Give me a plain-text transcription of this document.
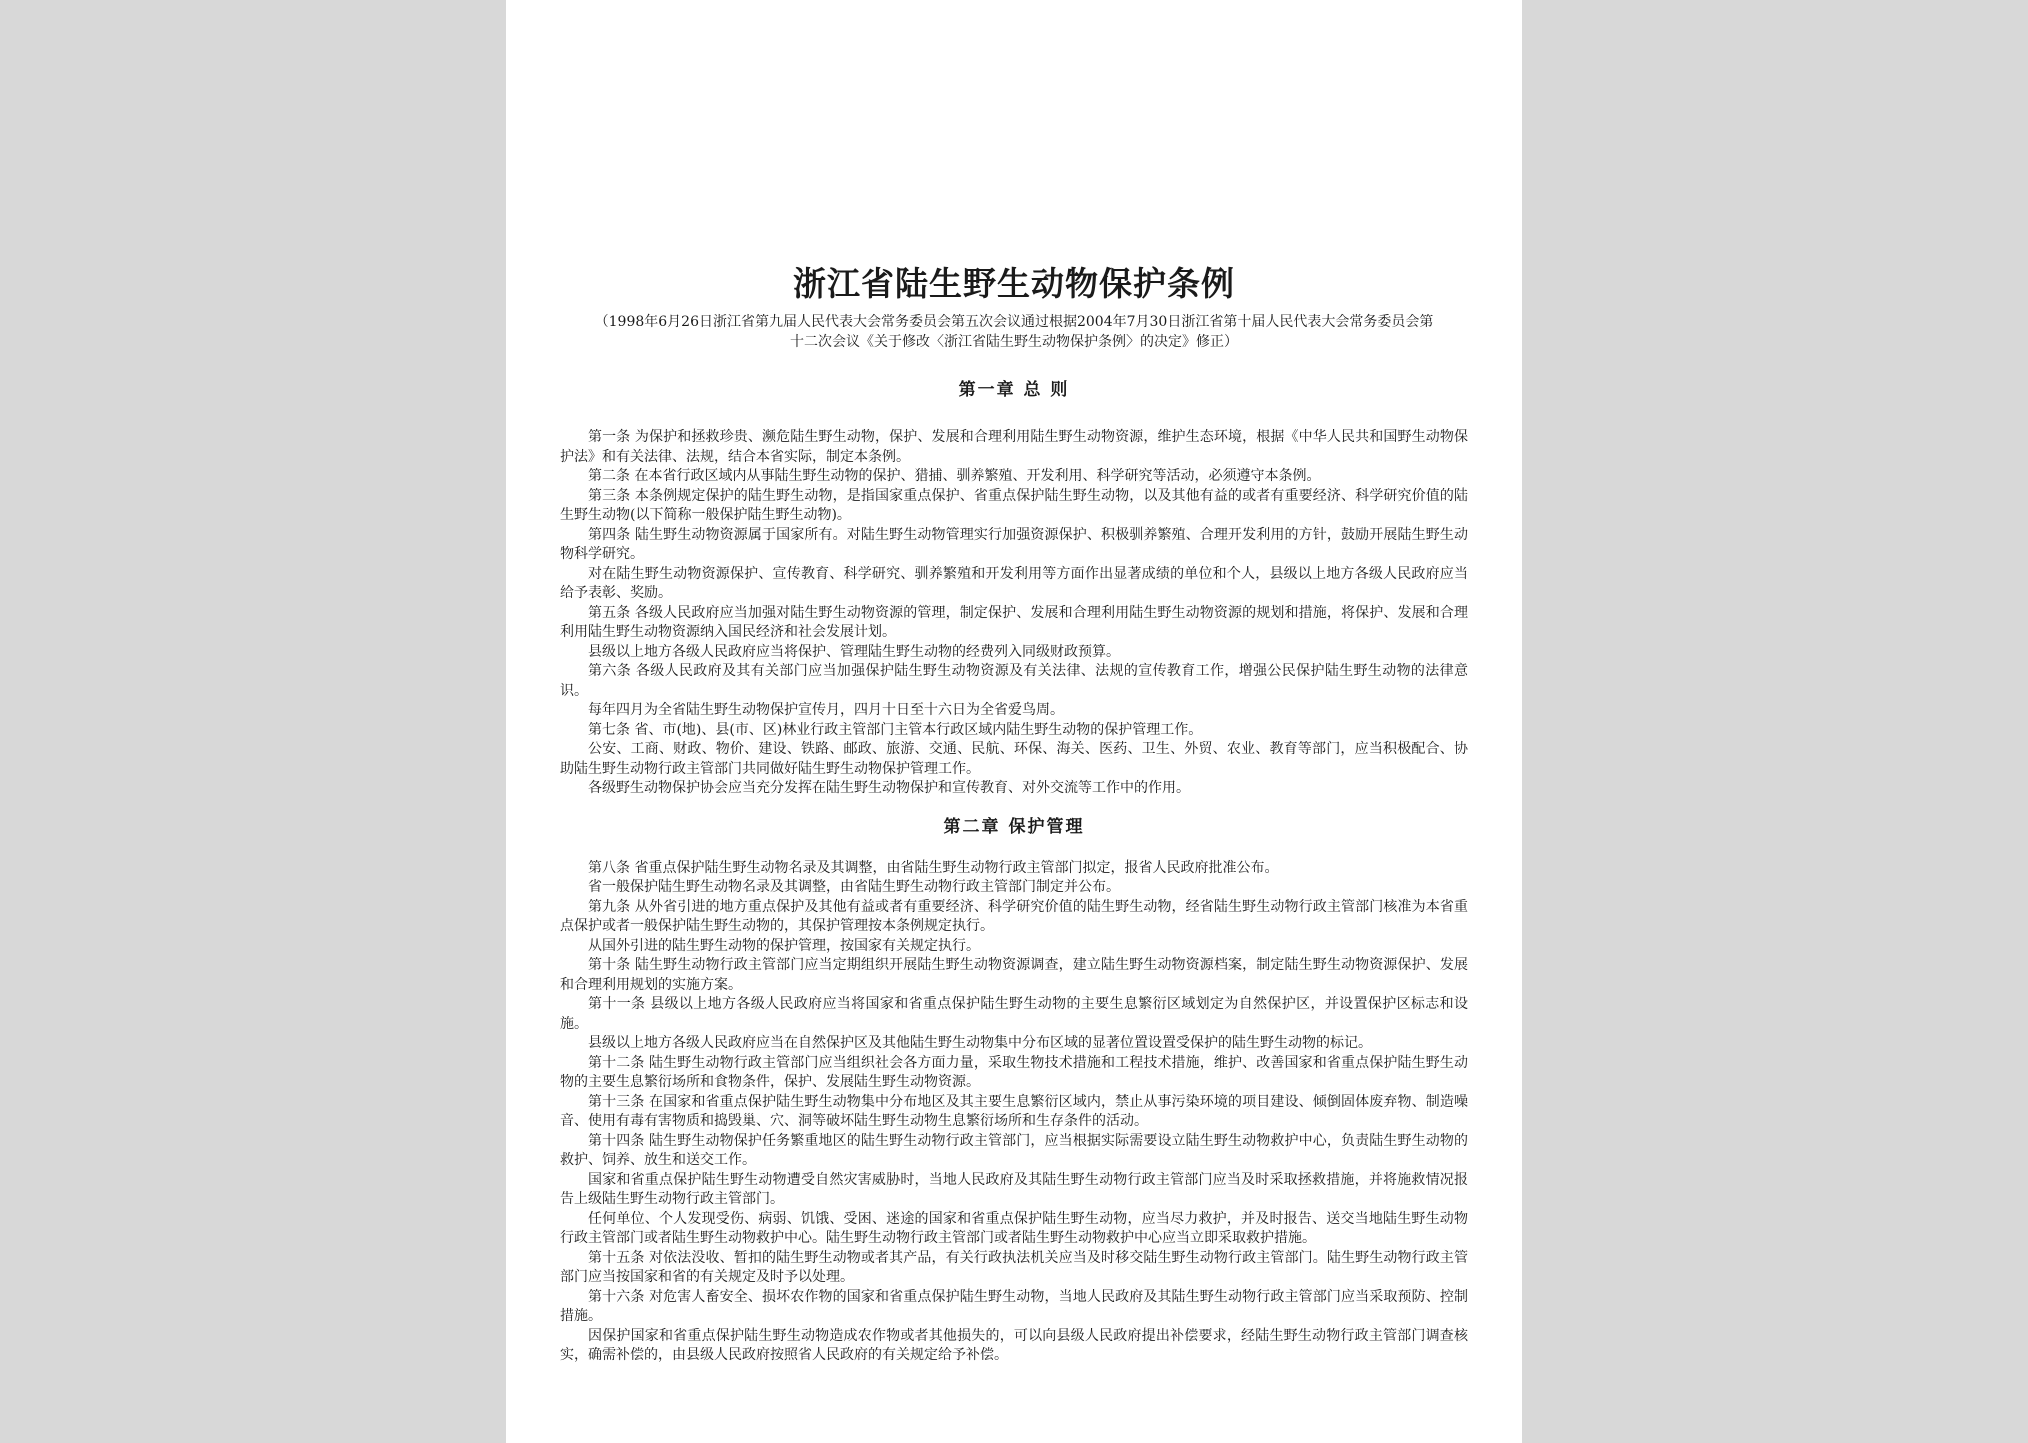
浙江省陆生野生动物保护条例
（1998年6月26日浙江省第九届人民代表大会常务委员会第五次会议通过根据2004年7月30日浙江省第十届人民代表大会常务委员会第十二次会议《关于修改〈浙江省陆生野生动物保护条例〉的决定》修正）
第一章 总 则

第一条 为保护和拯救珍贵、濒危陆生野生动物，保护、发展和合理利用陆生野生动物资源，维护生态环境，根据《中华人民共和国野生动物保护法》和有关法律、法规，结合本省实际，制定本条例。

第二条 在本省行政区域内从事陆生野生动物的保护、猎捕、驯养繁殖、开发利用、科学研究等活动，必须遵守本条例。

第三条 本条例规定保护的陆生野生动物，是指国家重点保护、省重点保护陆生野生动物，以及其他有益的或者有重要经济、科学研究价值的陆生野生动物(以下简称一般保护陆生野生动物)。

第四条 陆生野生动物资源属于国家所有。对陆生野生动物管理实行加强资源保护、积极驯养繁殖、合理开发利用的方针，鼓励开展陆生野生动物科学研究。

对在陆生野生动物资源保护、宣传教育、科学研究、驯养繁殖和开发利用等方面作出显著成绩的单位和个人，县级以上地方各级人民政府应当给予表彰、奖励。

第五条 各级人民政府应当加强对陆生野生动物资源的管理，制定保护、发展和合理利用陆生野生动物资源的规划和措施，将保护、发展和合理利用陆生野生动物资源纳入国民经济和社会发展计划。

县级以上地方各级人民政府应当将保护、管理陆生野生动物的经费列入同级财政预算。

第六条 各级人民政府及其有关部门应当加强保护陆生野生动物资源及有关法律、法规的宣传教育工作，增强公民保护陆生野生动物的法律意识。

每年四月为全省陆生野生动物保护宣传月，四月十日至十六日为全省爱鸟周。

第七条 省、市(地)、县(市、区)林业行政主管部门主管本行政区域内陆生野生动物的保护管理工作。

公安、工商、财政、物价、建设、铁路、邮政、旅游、交通、民航、环保、海关、医药、卫生、外贸、农业、教育等部门，应当积极配合、协助陆生野生动物行政主管部门共同做好陆生野生动物保护管理工作。

各级野生动物保护协会应当充分发挥在陆生野生动物保护和宣传教育、对外交流等工作中的作用。

第二章 保护管理

第八条 省重点保护陆生野生动物名录及其调整，由省陆生野生动物行政主管部门拟定，报省人民政府批准公布。

省一般保护陆生野生动物名录及其调整，由省陆生野生动物行政主管部门制定并公布。

第九条 从外省引进的地方重点保护及其他有益或者有重要经济、科学研究价值的陆生野生动物，经省陆生野生动物行政主管部门核准为本省重点保护或者一般保护陆生野生动物的，其保护管理按本条例规定执行。

从国外引进的陆生野生动物的保护管理，按国家有关规定执行。

第十条 陆生野生动物行政主管部门应当定期组织开展陆生野生动物资源调查，建立陆生野生动物资源档案，制定陆生野生动物资源保护、发展和合理利用规划的实施方案。

第十一条 县级以上地方各级人民政府应当将国家和省重点保护陆生野生动物的主要生息繁衍区域划定为自然保护区，并设置保护区标志和设施。

县级以上地方各级人民政府应当在自然保护区及其他陆生野生动物集中分布区域的显著位置设置受保护的陆生野生动物的标记。

第十二条 陆生野生动物行政主管部门应当组织社会各方面力量，采取生物技术措施和工程技术措施，维护、改善国家和省重点保护陆生野生动物的主要生息繁衍场所和食物条件，保护、发展陆生野生动物资源。

第十三条 在国家和省重点保护陆生野生动物集中分布地区及其主要生息繁衍区域内，禁止从事污染环境的项目建设、倾倒固体废弃物、制造噪音、使用有毒有害物质和捣毁巢、穴、洞等破坏陆生野生动物生息繁衍场所和生存条件的活动。

第十四条 陆生野生动物保护任务繁重地区的陆生野生动物行政主管部门，应当根据实际需要设立陆生野生动物救护中心，负责陆生野生动物的救护、饲养、放生和送交工作。

国家和省重点保护陆生野生动物遭受自然灾害威胁时，当地人民政府及其陆生野生动物行政主管部门应当及时采取拯救措施，并将施救情况报告上级陆生野生动物行政主管部门。

任何单位、个人发现受伤、病弱、饥饿、受困、迷途的国家和省重点保护陆生野生动物，应当尽力救护，并及时报告、送交当地陆生野生动物行政主管部门或者陆生野生动物救护中心。陆生野生动物行政主管部门或者陆生野生动物救护中心应当立即采取救护措施。

第十五条 对依法没收、暂扣的陆生野生动物或者其产品，有关行政执法机关应当及时移交陆生野生动物行政主管部门。陆生野生动物行政主管部门应当按国家和省的有关规定及时予以处理。

第十六条 对危害人畜安全、损坏农作物的国家和省重点保护陆生野生动物，当地人民政府及其陆生野生动物行政主管部门应当采取预防、控制措施。

因保护国家和省重点保护陆生野生动物造成农作物或者其他损失的，可以向县级人民政府提出补偿要求，经陆生野生动物行政主管部门调查核实，确需补偿的，由县级人民政府按照省人民政府的有关规定给予补偿。
